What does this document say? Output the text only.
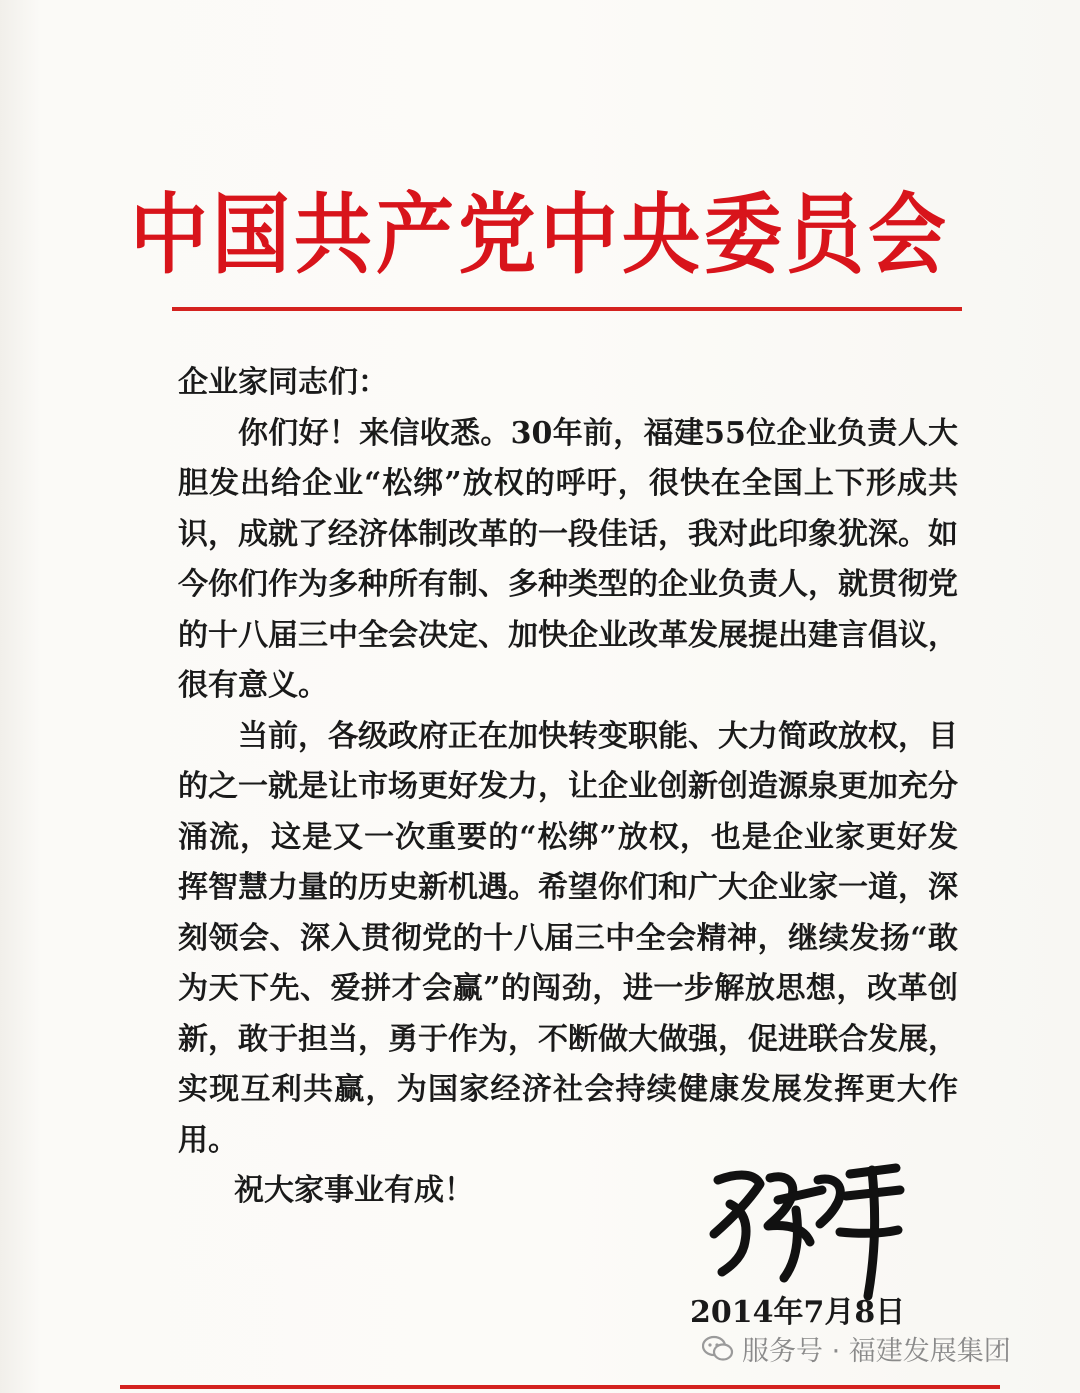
中国共产党中央委员会

企业家同志们：

你们好！来信收悉。30年前，福建55位企业负责人大胆发出给企业“松绑”放权的呼吁，很快在全国上下形成共识，成就了经济体制改革的一段佳话，我对此印象犹深。如今你们作为多种所有制、多种类型的企业负责人，就贯彻党的十八届三中全会决定、加快企业改革发展提出建言倡议，很有意义。

当前，各级政府正在加快转变职能、大力简政放权，目的之一就是让市场更好发力，让企业创新创造源泉更加充分涌流，这是又一次重要的“松绑”放权，也是企业家更好发挥智慧力量的历史新机遇。希望你们和广大企业家一道，深刻领会、深入贯彻党的十八届三中全会精神，继续发扬“敢为天下先、爱拼才会赢”的闯劲，进一步解放思想，改革创新，敢于担当，勇于作为，不断做大做强，促进联合发展，实现互利共赢，为国家经济社会持续健康发展发挥更大作用。

祝大家事业有成！

2014年7月8日
服务号 · 福建发展集团
